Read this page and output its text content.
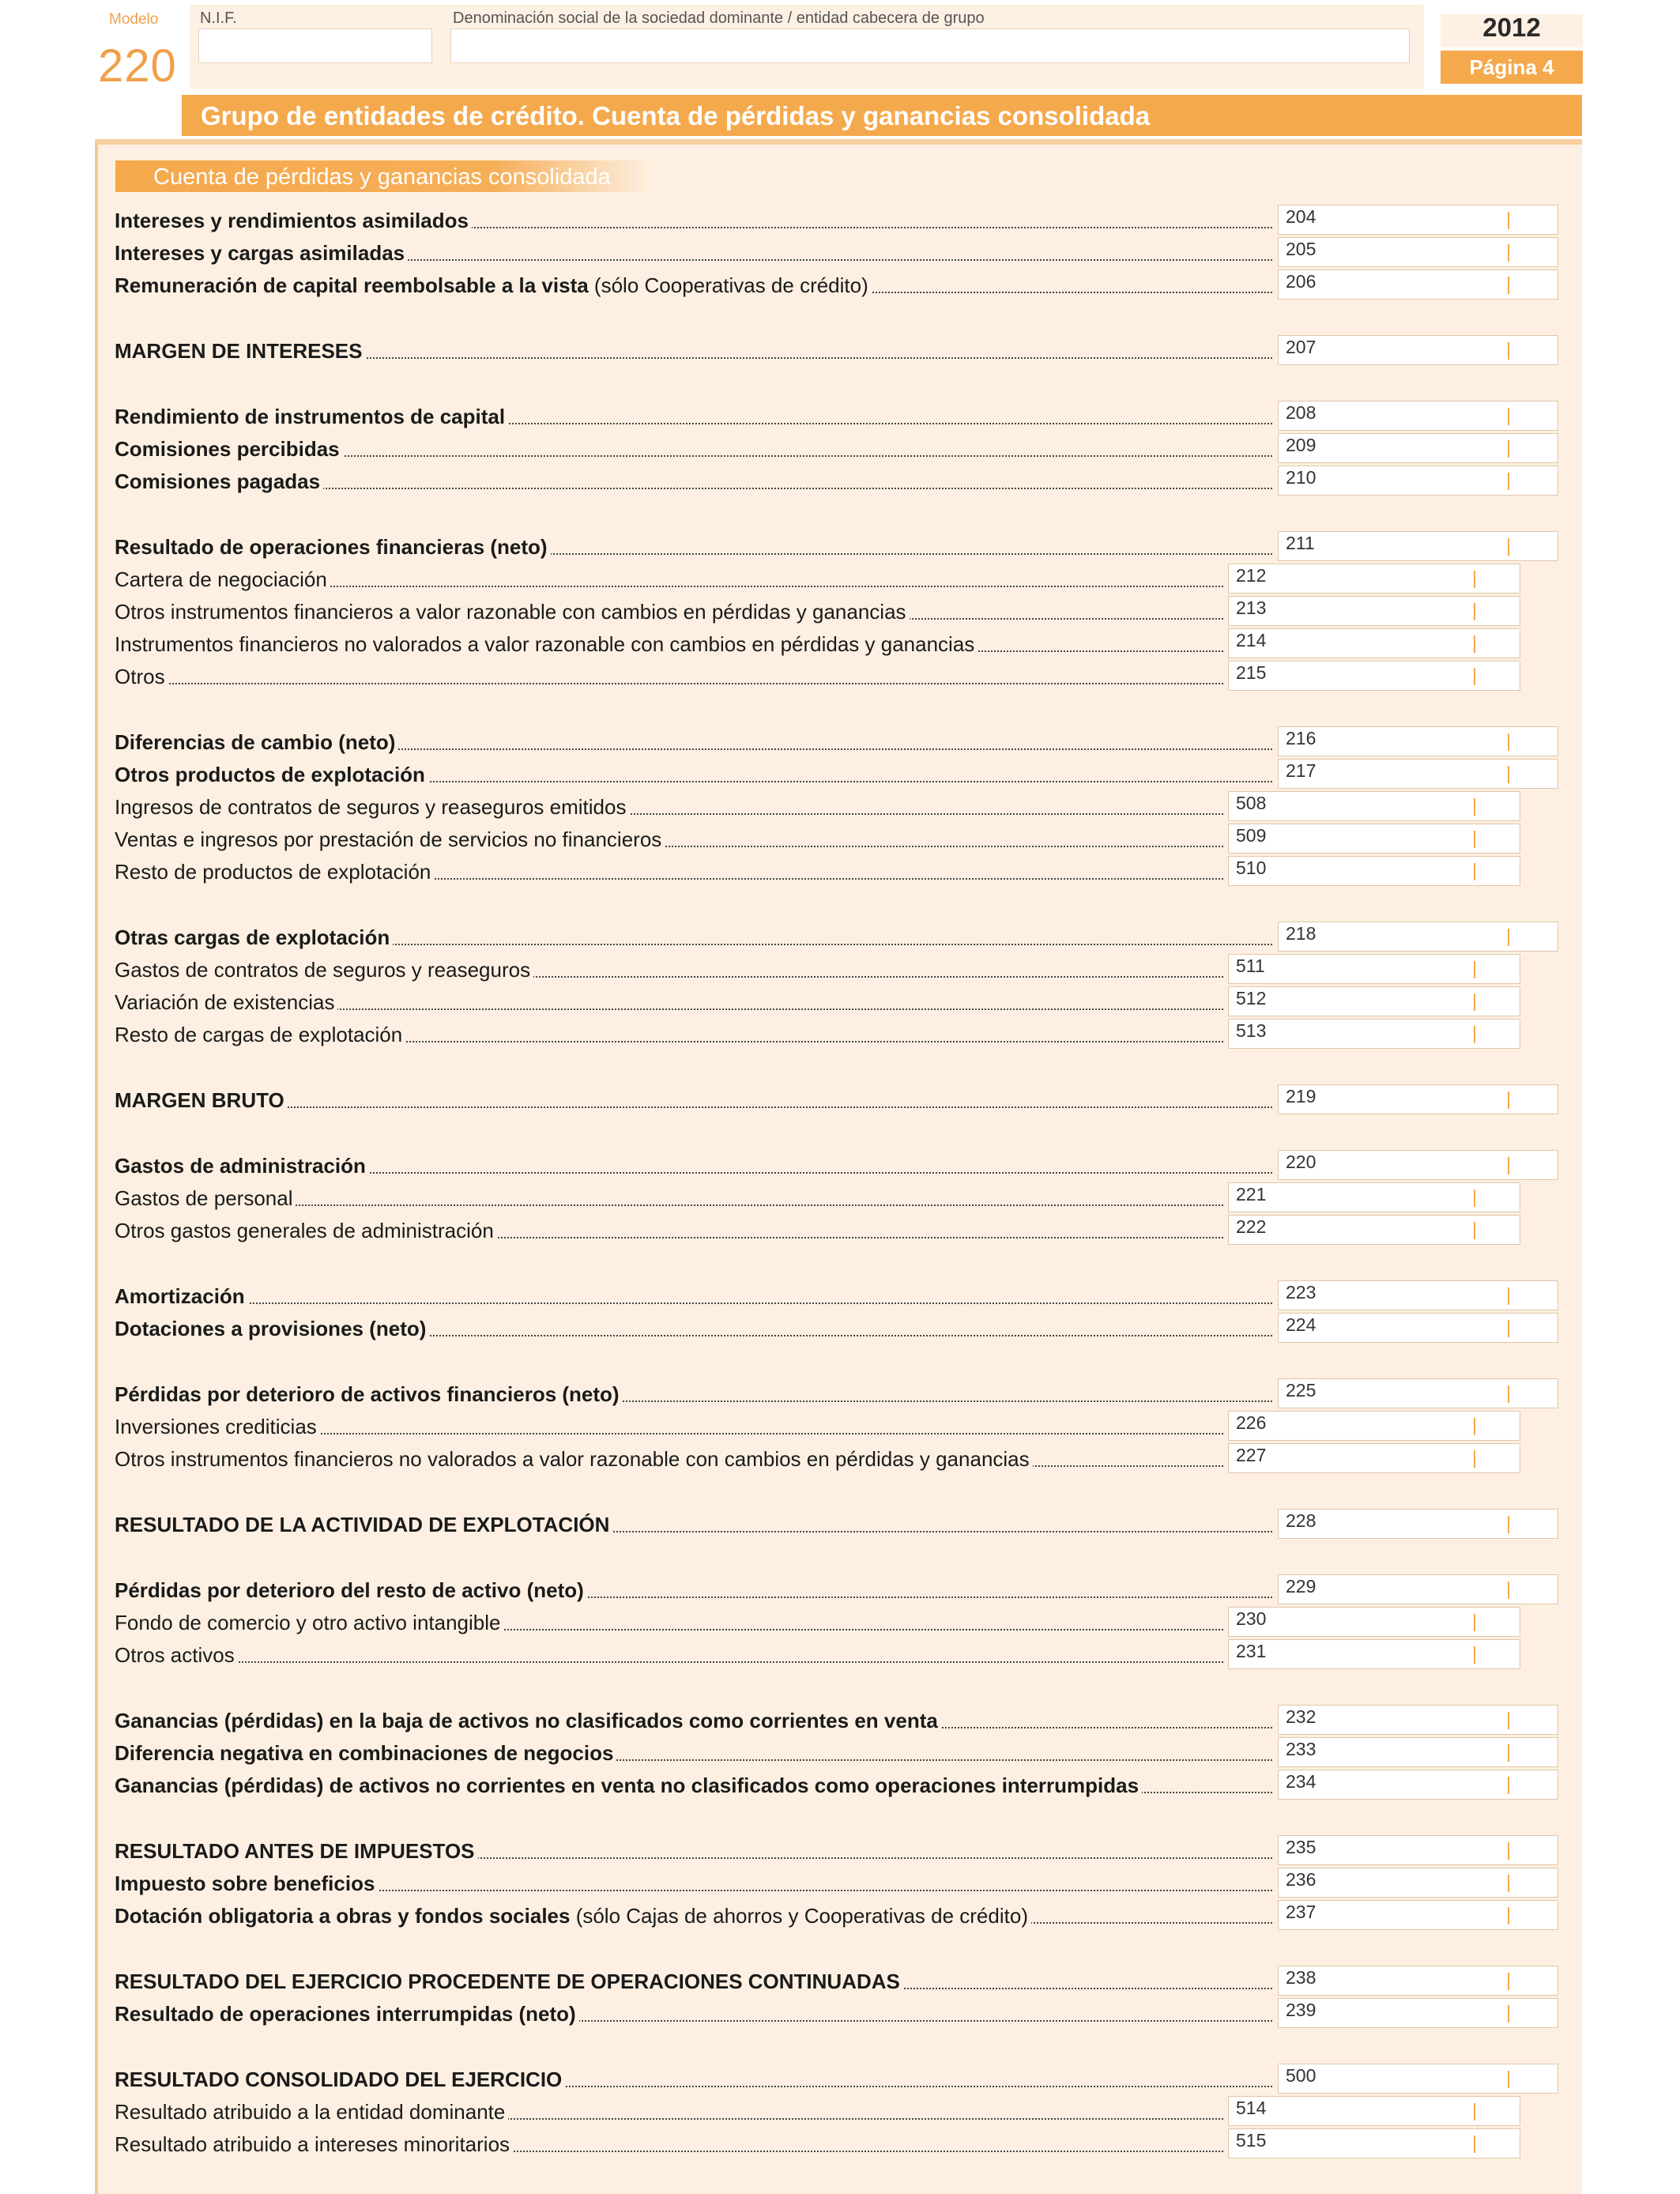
Modelo
220
N.I.F.	Denominación social de la sociedad dominante / entidad cabecera de grupo	2012
Página 4
Grupo de entidades de crédito. Cuenta de pérdidas y ganancias consolidada
Cuenta de pérdidas y ganancias consolidada
Intereses y rendimientos asimilados	204
Intereses y cargas asimiladas	205
Remuneración de capital reembolsable a la vista (sólo Cooperativas de crédito)	206
MARGEN DE INTERESES	207
Rendimiento de instrumentos de capital	208
Comisiones percibidas	209
Comisiones pagadas	210
Resultado de operaciones financieras (neto)	211
Cartera de negociación	212
Otros instrumentos financieros a valor razonable con cambios en pérdidas y ganancias	213
Instrumentos financieros no valorados a valor razonable con cambios en pérdidas y ganancias	214
Otros	215
Diferencias de cambio (neto)	216
Otros productos de explotación	217
Ingresos de contratos de seguros y reaseguros emitidos	508
Ventas e ingresos por prestación de servicios no financieros	509
Resto de productos de explotación	510
Otras cargas de explotación	218
Gastos de contratos de seguros y reaseguros	511
Variación de existencias	512
Resto de cargas de explotación	513
MARGEN BRUTO	219
Gastos de administración	220
Gastos de personal	221
Otros gastos generales de administración	222
Amortización	223
Dotaciones a provisiones (neto)	224
Pérdidas por deterioro de activos financieros (neto)	225
Inversiones crediticias	226
Otros instrumentos financieros no valorados a valor razonable con cambios en pérdidas y ganancias	227
RESULTADO DE LA ACTIVIDAD DE EXPLOTACIÓN	228
Pérdidas por deterioro del resto de activo (neto)	229
Fondo de comercio y otro activo intangible	230
Otros activos	231
Ganancias (pérdidas) en la baja de activos no clasificados como corrientes en venta	232
Diferencia negativa en combinaciones de negocios	233
Ganancias (pérdidas) de activos no corrientes en venta no clasificados como operaciones interrumpidas	234
RESULTADO ANTES DE IMPUESTOS	235
Impuesto sobre beneficios	236
Dotación obligatoria a obras y fondos sociales (sólo Cajas de ahorros y Cooperativas de crédito)	237
RESULTADO DEL EJERCICIO PROCEDENTE DE OPERACIONES CONTINUADAS	238
Resultado de operaciones interrumpidas (neto)	239
RESULTADO CONSOLIDADO DEL EJERCICIO	500
Resultado atribuido a la entidad dominante	514
Resultado atribuido a intereses minoritarios	515
